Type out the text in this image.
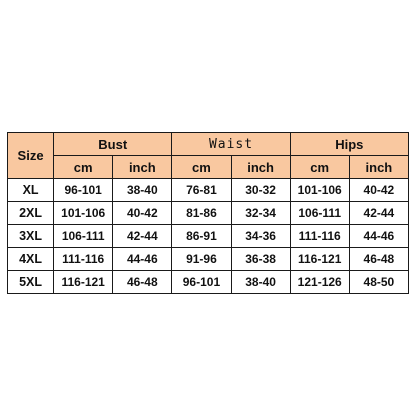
Size	Bust		Waist		Hips	
	cm	inch	cm	inch	cm	inch
XL	96-101	38-40	76-81	30-32	101-106	40-42
2XL	101-106	40-42	81-86	32-34	106-111	42-44
3XL	106-111	42-44	86-91	34-36	111-116	44-46
4XL	111-116	44-46	91-96	36-38	116-121	46-48
5XL	116-121	46-48	96-101	38-40	121-126	48-50
